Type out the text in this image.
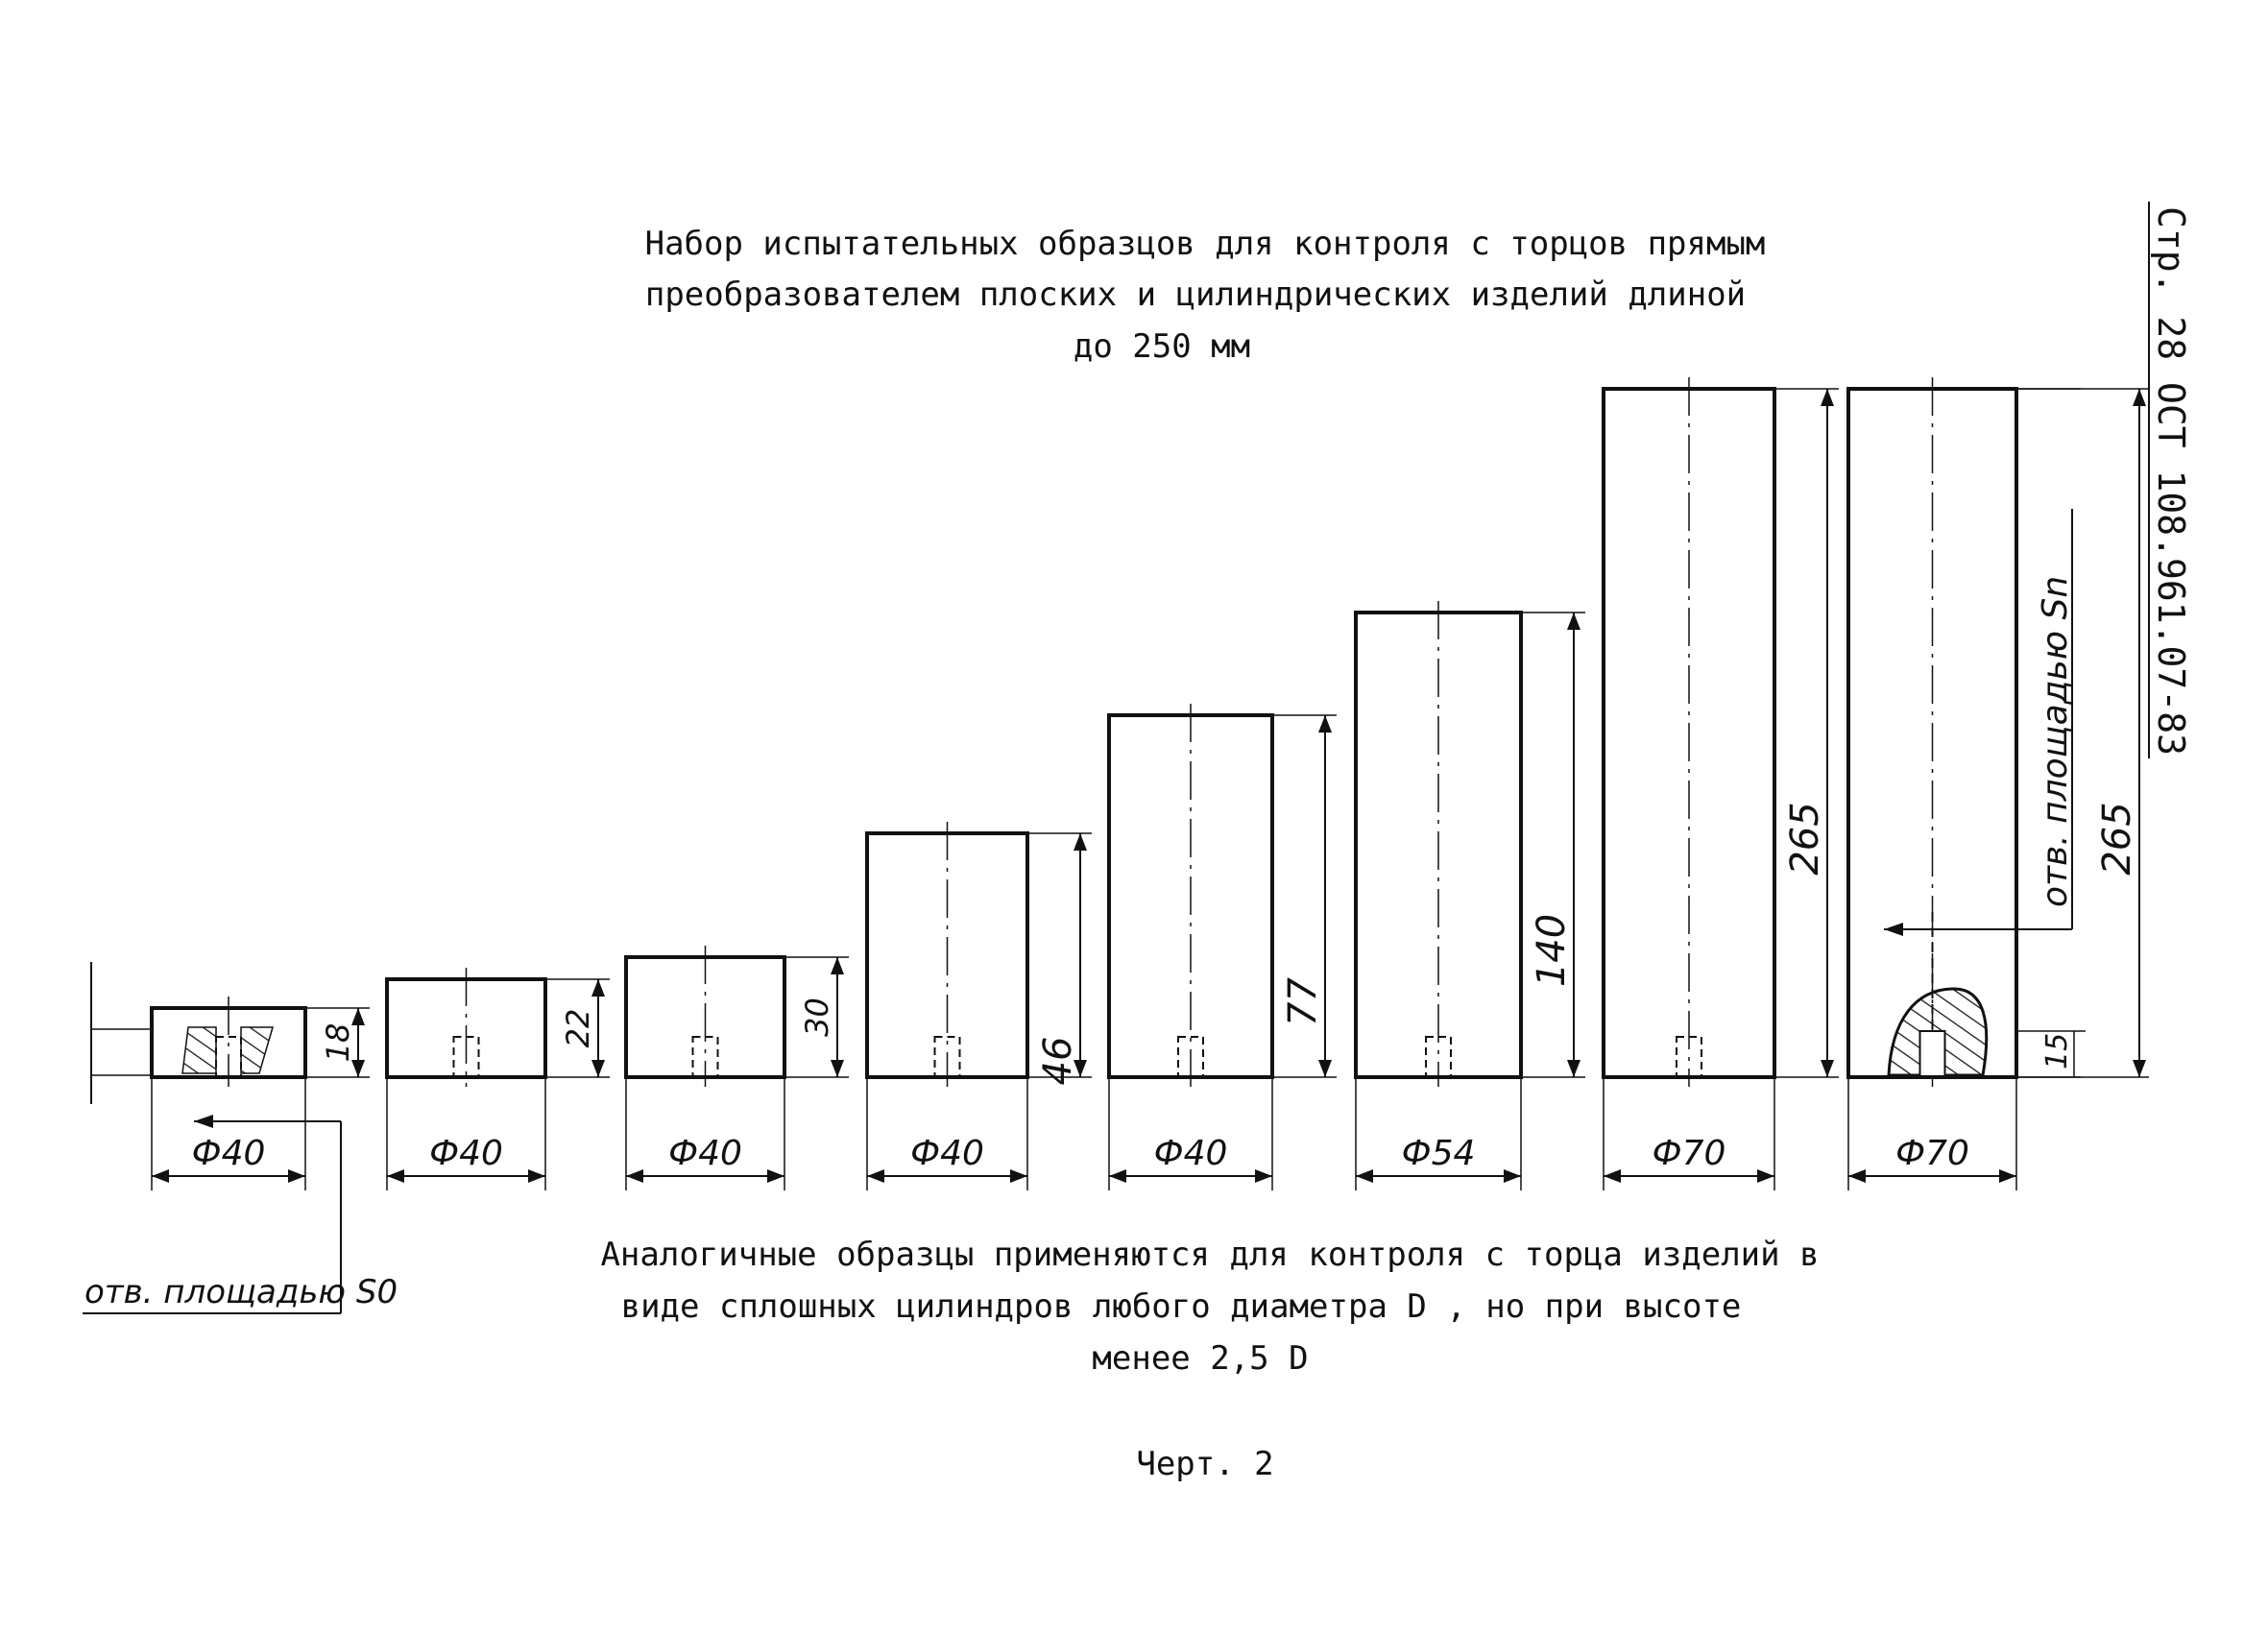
Набор испытательных образцов для контроля с торцов прямым
преобразователем плоских и цилиндрических изделий длиной
до 250 мм	Стр. 28 ОСТ 108.961.07-83
18
Ф40
22
Ф40
30
Ф40
46
Ф40
77
Ф40
140
Ф54
265
Ф70
15
265
Ф70
отв. площадью S0
отв. площадью Sn
Аналогичные образцы применяются для контроля с торца изделий в
виде сплошных цилиндров любого диаметра D , но при высоте
менее 2,5 D
Черт. 2
